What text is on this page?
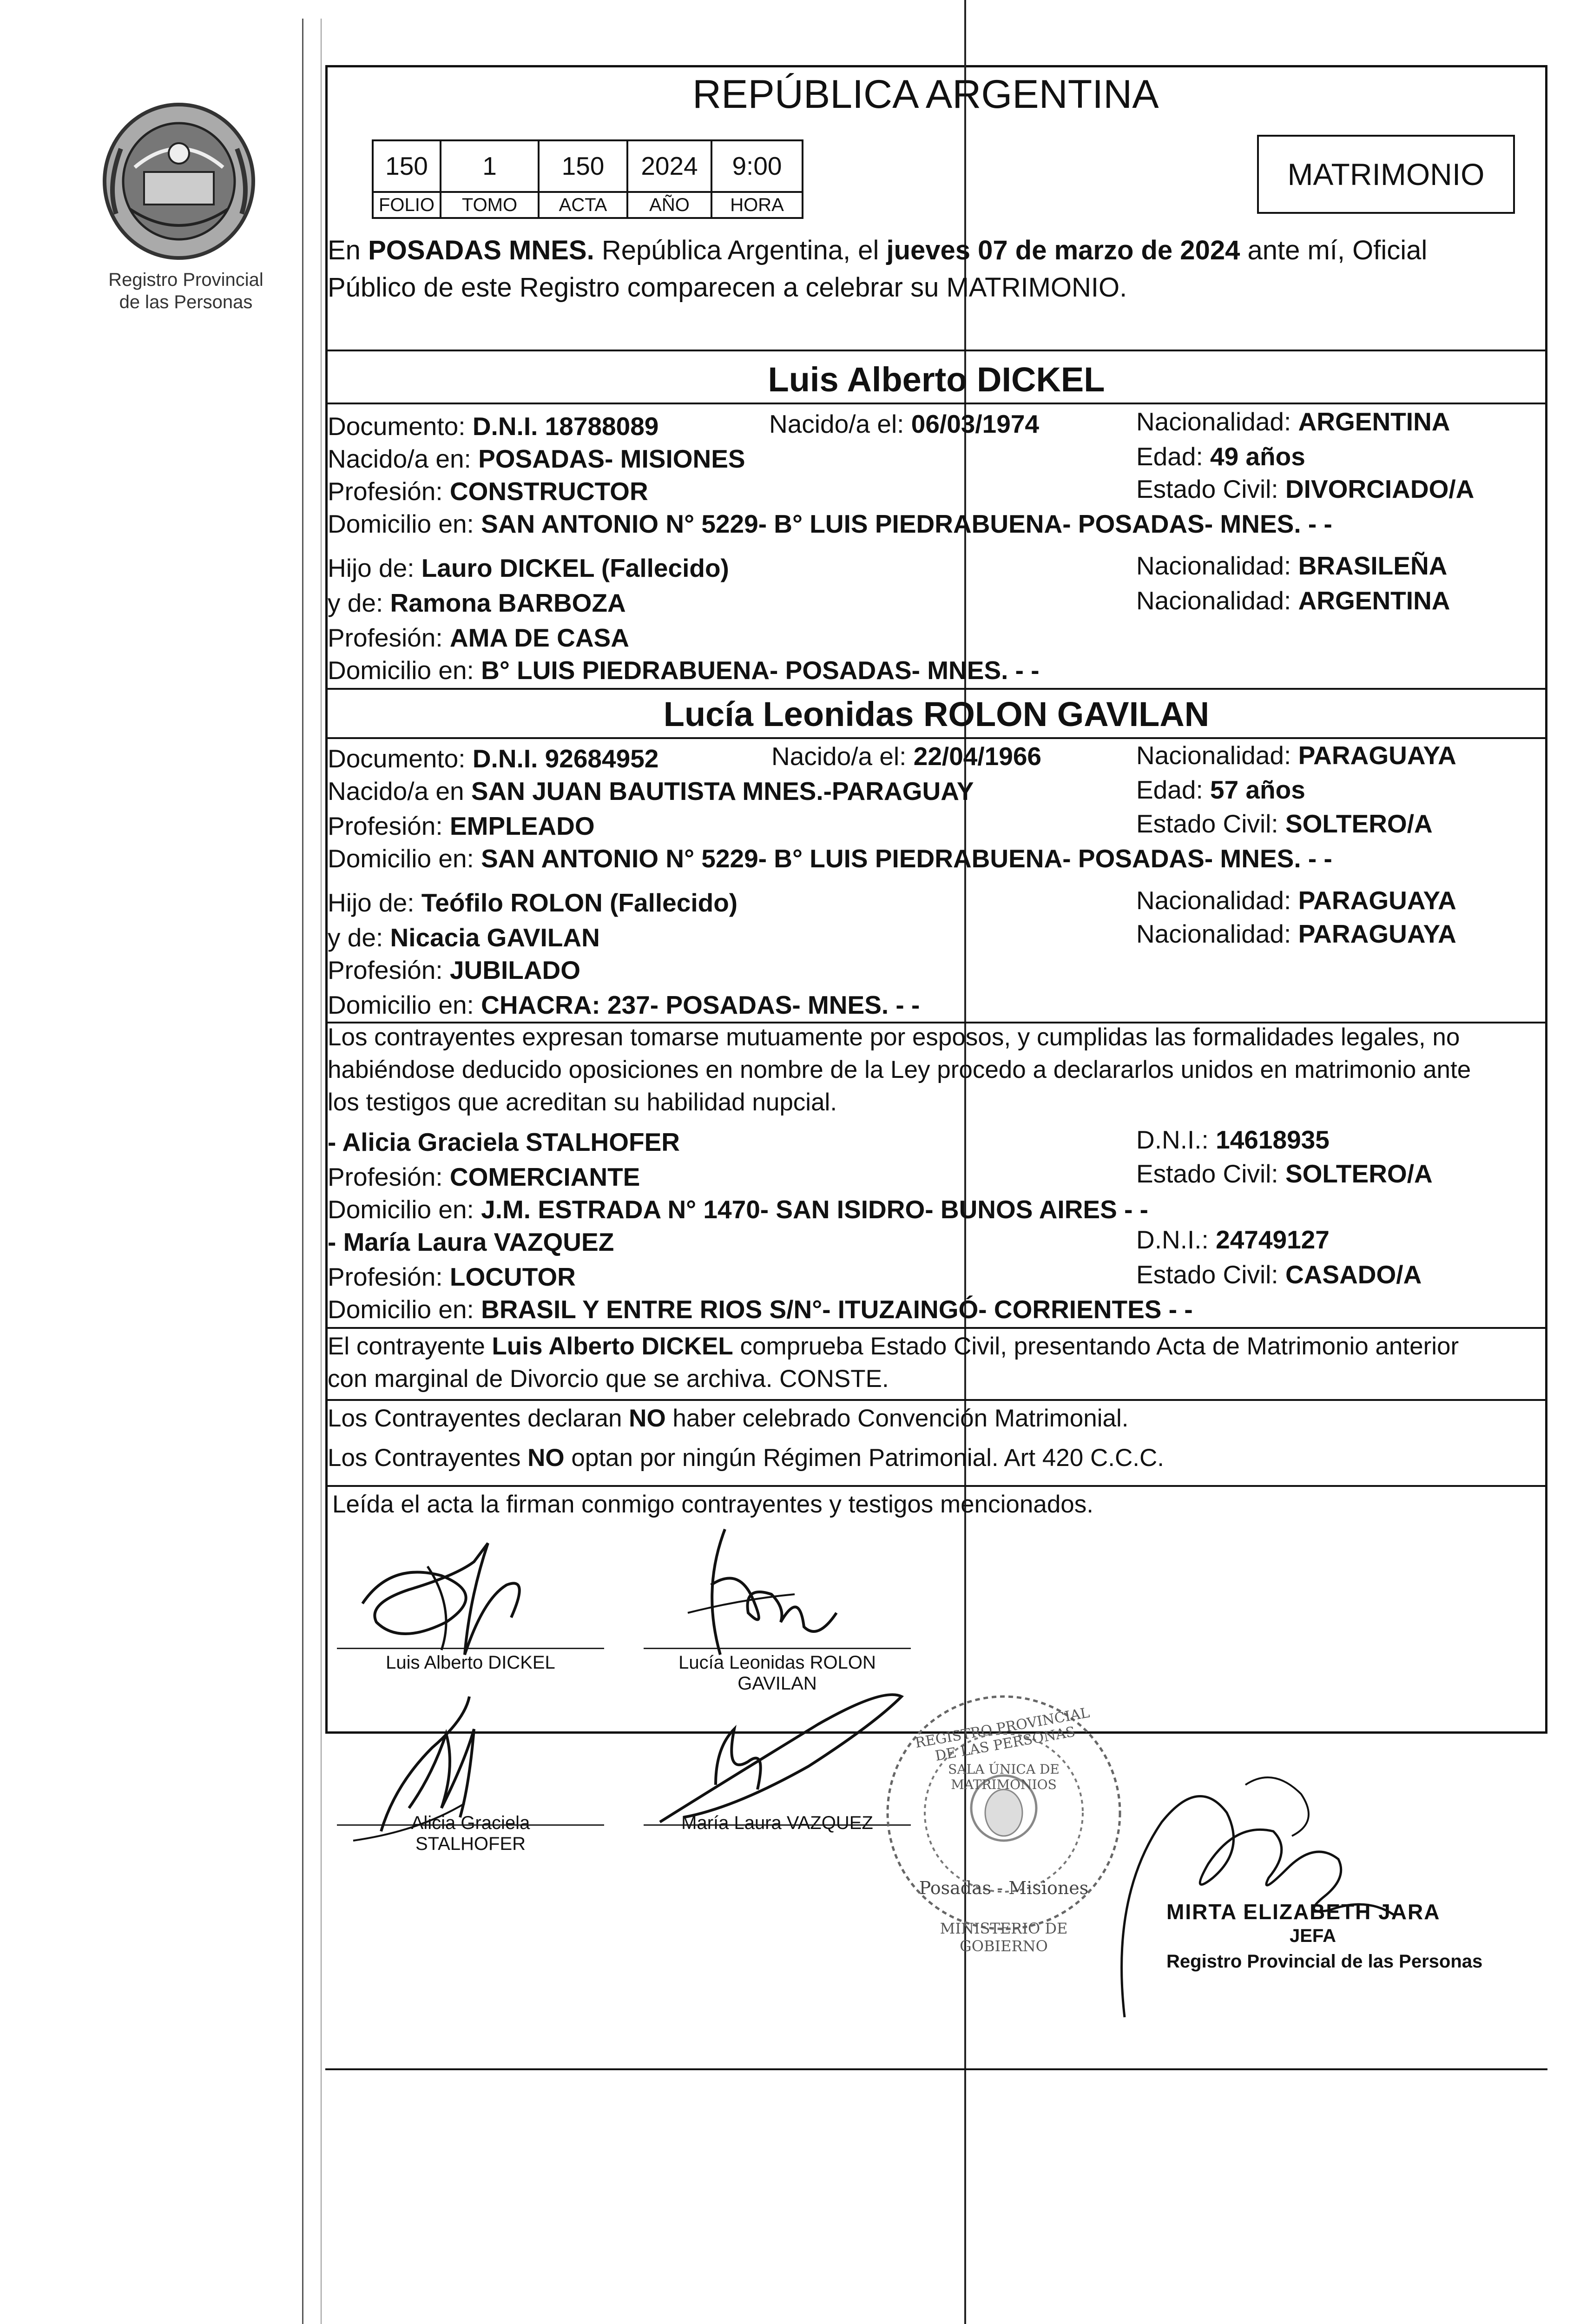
Registro Provincial
de las Personas
REPÚBLICA ARGENTINA
150	1	150	2024	9:00
FOLIO	TOMO	ACTA	AÑO	HORA
MATRIMONIO
En POSADAS MNES. República Argentina, el jueves 07 de marzo de 2024 ante mí, Oficial
Público de este Registro comparecen a celebrar su MATRIMONIO.
Luis Alberto DICKEL
Documento: D.N.I. 18788089	Nacido/a el: 06/03/1974	Nacionalidad: ARGENTINA
Nacido/a en: POSADAS- MISIONES	Edad: 49 años
Profesión: CONSTRUCTOR	Estado Civil: DIVORCIADO/A
Domicilio en: SAN ANTONIO N° 5229- B° LUIS PIEDRABUENA- POSADAS- MNES. - -
Hijo de: Lauro DICKEL (Fallecido)	Nacionalidad: BRASILEÑA
y de: Ramona BARBOZA	Nacionalidad: ARGENTINA
Profesión: AMA DE CASA
Domicilio en: B° LUIS PIEDRABUENA- POSADAS- MNES. - -
Lucía Leonidas ROLON GAVILAN
Documento: D.N.I. 92684952	Nacido/a el: 22/04/1966	Nacionalidad: PARAGUAYA
Nacido/a en SAN JUAN BAUTISTA MNES.-PARAGUAY	Edad: 57 años
Profesión: EMPLEADO	Estado Civil: SOLTERO/A
Domicilio en: SAN ANTONIO N° 5229- B° LUIS PIEDRABUENA- POSADAS- MNES. - -
Hijo de: Teófilo ROLON (Fallecido)	Nacionalidad: PARAGUAYA
y de: Nicacia GAVILAN	Nacionalidad: PARAGUAYA
Profesión: JUBILADO
Domicilio en: CHACRA: 237- POSADAS- MNES. - -
Los contrayentes expresan tomarse mutuamente por esposos, y cumplidas las formalidades legales, no
habiéndose deducido oposiciones en nombre de la Ley procedo a declararlos unidos en matrimonio ante
los testigos que acreditan su habilidad nupcial.
- Alicia Graciela STALHOFER	D.N.I.: 14618935
Profesión: COMERCIANTE	Estado Civil: SOLTERO/A
Domicilio en: J.M. ESTRADA N° 1470- SAN ISIDRO- BUNOS AIRES - -
- María Laura VAZQUEZ	D.N.I.: 24749127
Profesión: LOCUTOR	Estado Civil: CASADO/A
Domicilio en: BRASIL Y ENTRE RIOS S/N°- ITUZAINGÓ- CORRIENTES - -
El contrayente Luis Alberto DICKEL comprueba Estado Civil, presentando Acta de Matrimonio anterior
con marginal de Divorcio que se archiva. CONSTE.
Los Contrayentes declaran NO haber celebrado Convención Matrimonial.
Los Contrayentes NO optan por ningún Régimen Patrimonial. Art 420 C.C.C.
Leída el acta la firman conmigo contrayentes y testigos mencionados.
Luis Alberto DICKEL	Lucía Leonidas ROLON
GAVILAN
Alicia Graciela
STALHOFER
María Laura VAZQUEZ
REGISTRO PROVINCIAL DE LAS PERSONAS
SALA ÚNICA DE MATRIMONIOS
Posadas - Misiones
MINISTERIO DE GOBIERNO
MIRTA ELIZABETH JARA
JEFA
Registro Provincial de las Personas
